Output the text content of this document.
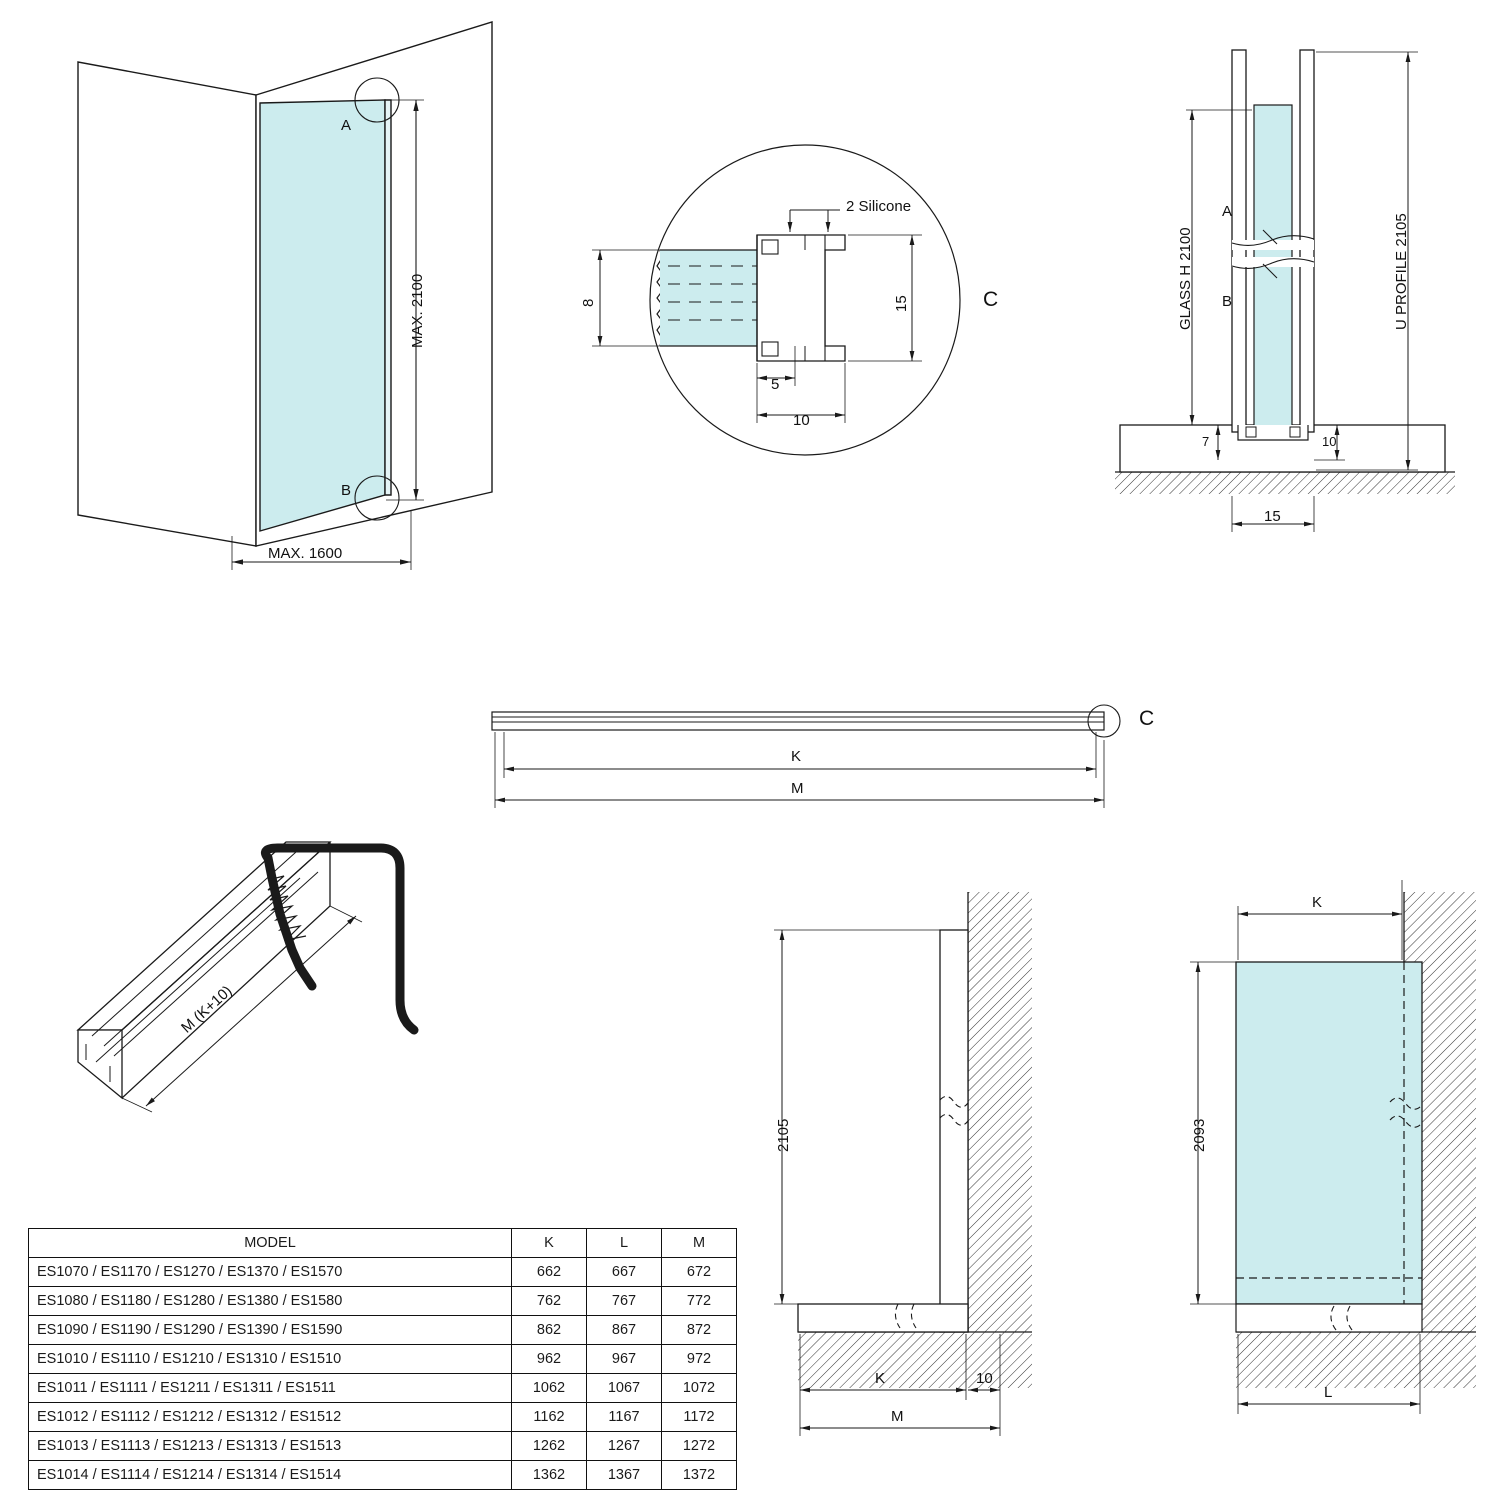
A
B
MAX. 2100
MAX. 1600
C
2 Silicone
8	15
5
10
A
B
GLASS H 2100	U PROFILE 2105
7	10
15
C
K
M
M (K+10)
2105
K	10
M
K
2093
L
MODEL	K	L	M
ES1070 / ES1170 / ES1270 / ES1370 / ES1570	662	667	672
ES1080 / ES1180 / ES1280 / ES1380 / ES1580	762	767	772
ES1090 / ES1190 / ES1290 / ES1390 / ES1590	862	867	872
ES1010 / ES1110 / ES1210 / ES1310 / ES1510	962	967	972
ES1011 / ES1111 / ES1211 / ES1311 / ES1511	1062	1067	1072
ES1012 / ES1112 / ES1212 / ES1312 / ES1512	1162	1167	1172
ES1013 / ES1113 / ES1213 / ES1313 / ES1513	1262	1267	1272
ES1014 / ES1114 / ES1214 / ES1314 / ES1514	1362	1367	1372
